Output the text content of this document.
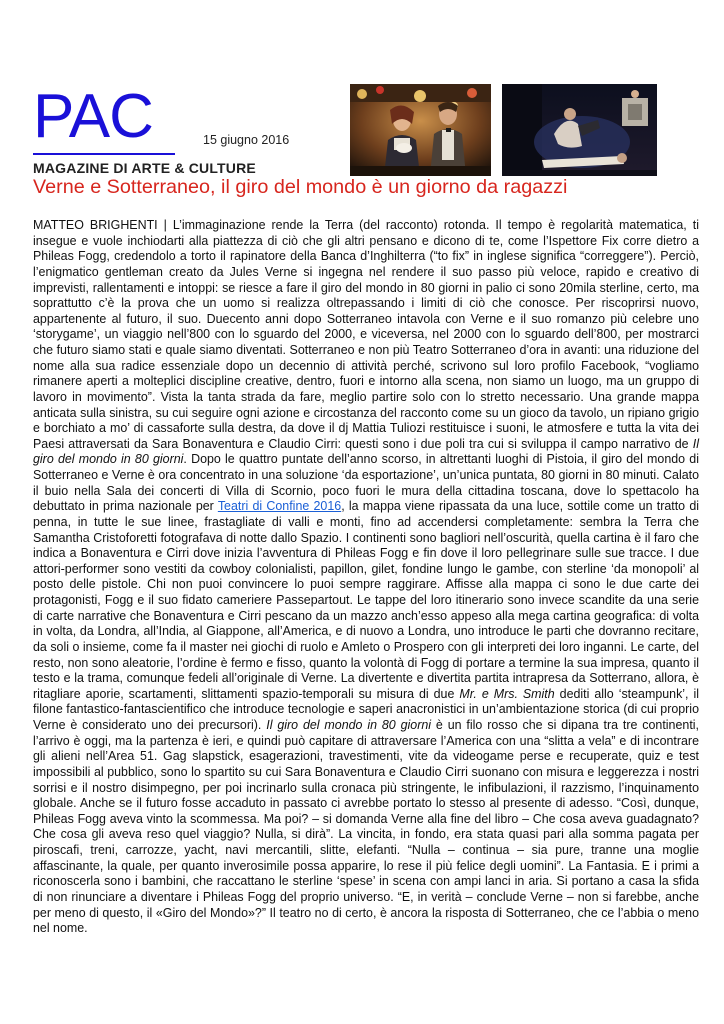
PAC	15 giugno 2016
MAGAZINE DI ARTE & CULTURE
Verne e Sotterraneo, il giro del mondo è un giorno da ragazzi

MATTEO BRIGHENTI | L’immaginazione rende la Terra (del racconto) rotonda. Il tempo è regolarità matematica, ti insegue e vuole inchiodarti alla piattezza di ciò che gli altri pensano e dicono di te, come l’Ispettore Fix corre dietro a Phileas Fogg, credendolo a torto il rapinatore della Banca d’Inghilterra (“to fix” in inglese significa “correggere”). Perciò, l’enigmatico gentleman creato da Jules Verne si ingegna nel rendere il suo passo più veloce, rapido e creativo di imprevisti, rallentamenti e intoppi: se riesce a fare il giro del mondo in 80 giorni in palio ci sono 20mila sterline, certo, ma soprattutto c’è la prova che un uomo si realizza oltrepassando i limiti di ciò che conosce. Per riscoprirsi nuovo, appartenente al futuro, il suo. Duecento anni dopo Sotterraneo intavola con Verne e il suo romanzo più celebre uno ‘storygame’, un viaggio nell’800 con lo sguardo del 2000, e viceversa, nel 2000 con lo sguardo dell’800, per mostrarci che futuro siamo stati e quale siamo diventati. Sotterraneo e non più Teatro Sotterraneo d’ora in avanti: una riduzione del nome alla sua radice essenziale dopo un decennio di attività perché, scrivono sul loro profilo Facebook, “vogliamo rimanere aperti a molteplici discipline creative, dentro, fuori e intorno alla scena, non siamo un luogo, ma un gruppo di lavoro in movimento”. Vista la tanta strada da fare, meglio partire solo con lo stretto necessario. Una grande mappa anticata sulla sinistra, su cui seguire ogni azione e circostanza del racconto come su un gioco da tavolo, un ripiano grigio e borchiato a mo’ di cassaforte sulla destra, da dove il dj Mattia Tuliozi restituisce i suoni, le atmosfere e tutta la vita dei Paesi attraversati da Sara Bonaventura e Claudio Cirri: questi sono i due poli tra cui si sviluppa il campo narrativo de Il giro del mondo in 80 giorni. Dopo le quattro puntate dell’anno scorso, in altrettanti luoghi di Pistoia, il giro del mondo di Sotterraneo e Verne è ora concentrato in una soluzione ‘da esportazione’, un’unica puntata, 80 giorni in 80 minuti. Calato il buio nella Sala dei concerti di Villa di Scornio, poco fuori le mura della cittadina toscana, dove lo spettacolo ha debuttato in prima nazionale per Teatri di Confine 2016, la mappa viene ripassata da una luce, sottile come un tratto di penna, in tutte le sue linee, frastagliate di valli e monti, fino ad accendersi completamente: sembra la Terra che Samantha Cristoforetti fotografava di notte dallo Spazio. I continenti sono bagliori nell’oscurità, quella cartina è il faro che indica a Bonaventura e Cirri dove inizia l’avventura di Phileas Fogg e fin dove il loro pellegrinare sulle sue tracce. I due attori-performer sono vestiti da cowboy colonialisti, papillon, gilet, fondine lungo le gambe, con sterline ‘da monopoli’ al posto delle pistole. Chi non puoi convincere lo puoi sempre raggirare. Affisse alla mappa ci sono le due carte dei protagonisti, Fogg e il suo fidato cameriere Passepartout. Le tappe del loro itinerario sono invece scandite da una serie di carte narrative che Bonaventura e Cirri pescano da un mazzo anch’esso appeso alla mega cartina geografica: di volta in volta, da Londra, all’India, al Giappone, all’America, e di nuovo a Londra, uno introduce le parti che dovranno recitare, da soli o insieme, come fa il master nei giochi di ruolo e Amleto o Prospero con gli interpreti dei loro inganni. Le carte, del resto, non sono aleatorie, l’ordine è fermo e fisso, quanto la volontà di Fogg di portare a termine la sua impresa, quanto il testo e la trama, comunque fedeli all’originale di Verne. La divertente e divertita partita intrapresa da Sotterrano, allora, è ritagliare aporie, scartamenti, slittamenti spazio-temporali su misura di due Mr. e Mrs. Smith dediti allo ‘steampunk’, il filone fantastico-fantascientifico che introduce tecnologie e saperi anacronistici in un’ambientazione storica (di cui proprio Verne è considerato uno dei precursori). Il giro del mondo in 80 giorni è un filo rosso che si dipana tra tre continenti, l’arrivo è oggi, ma la partenza è ieri, e quindi può capitare di attraversare l’America con una “slitta a vela” e di incontrare gli alieni nell’Area 51. Gag slapstick, esagerazioni, travestimenti, vite da videogame perse e recuperate, quiz e test impossibili al pubblico, sono lo spartito su cui Sara Bonaventura e Claudio Cirri suonano con misura e leggerezza i nostri sorrisi e il nostro disimpegno, per poi incrinarlo sulla cronaca più stringente, le infibulazioni, il razzismo, l’inquinamento globale. Anche se il futuro fosse accaduto in passato ci avrebbe portato lo stesso al presente di adesso. “Così, dunque, Phileas Fogg aveva vinto la scommessa. Ma poi? – si domanda Verne alla fine del libro – Che cosa aveva guadagnato? Che cosa gli aveva reso quel viaggio? Nulla, si dirà”. La vincita, in fondo, era stata quasi pari alla somma pagata per piroscafi, treni, carrozze, yacht, navi mercantili, slitte, elefanti. “Nulla – continua – sia pure, tranne una moglie affascinante, la quale, per quanto inverosimile possa apparire, lo rese il più felice degli uomini”. La Fantasia. E i primi a riconoscerla sono i bambini, che raccattano le sterline ‘spese’ in scena con ampi lanci in aria. Si portano a casa la sfida di non rinunciare a diventare i Phileas Fogg del proprio universo. “E, in verità – conclude Verne – non si farebbe, anche per meno di questo, il «Giro del Mondo»?” Il teatro no di certo, è ancora la risposta di Sotterraneo, che ce l’abbia o meno nel nome.
